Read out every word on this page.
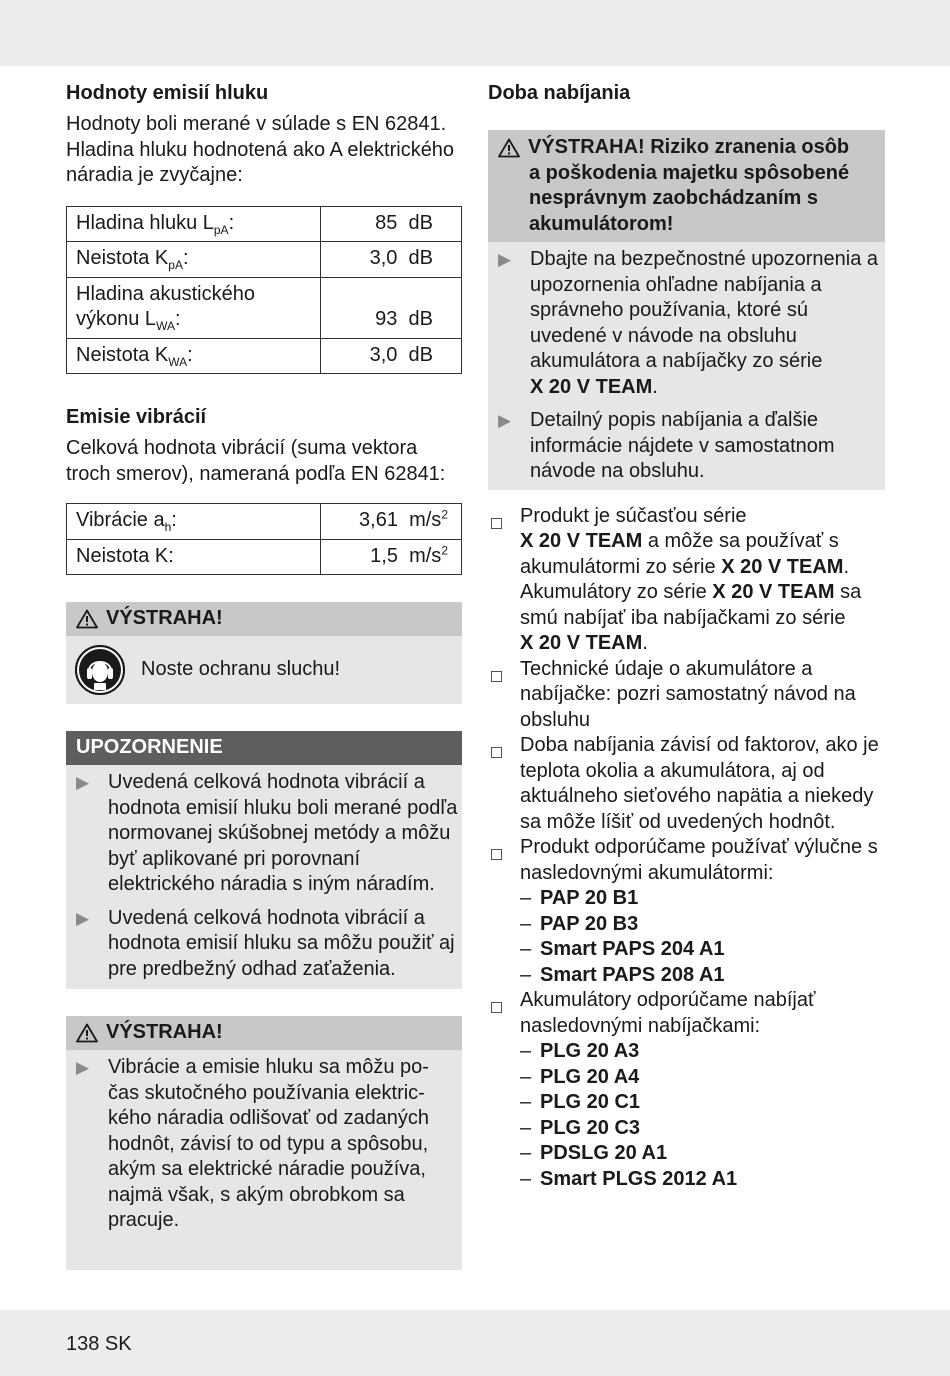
Hodnoty emisií hluku

Hodnoty boli merané v súlade s EN 62841. Hladina hluku hodnotená ako A elektrického náradia je zvyčajne:

Hladina hluku $L_{pA}$:	85 dB
Neistota $K_{pA}$:	3,0 dB
Hladina akustického
výkonu $L_{WA}$:	93 dB
Neistota $K_{WA}$:	3,0 dB
Emisie vibrácií

Celková hodnota vibrácií (suma vektora troch smerov), nameraná podľa EN 62841:

Vibrácie $a_h$:	3,61 $m/s^2$
Neistota K:	1,5 $m/s^2$
VÝSTRAHA!
Noste ochranu sluchu!
UPOZORNENIE
▶ Uvedená celková hodnota vibrácií a hodnota emisií hluku boli merané podľa normovanej skúšobnej metódy a môžu byť aplikované pri porovnaní elektrického náradia s iným náradím.
▶ Uvedená celková hodnota vibrácií a hodnota emisií hluku sa môžu použiť aj pre predbežný odhad zaťaženia.
VÝSTRAHA!
▶ Vibrácie a emisie hluku sa môžu po-čas skutočného používania elektric-kého náradia odlišovať od zadaných hodnôt, závisí to od typu a spôsobu, akým sa elektrické náradie používa, najmä však, s akým obrobkom sa pracuje.
Doba nabíjania
VÝSTRAHA! Riziko zranenia osôb
a poškodenia majetku spôsobené nesprávnym zaobchádzaním s akumulátorom!
▶ Dbajte na bezpečnostné upozornenia a upozornenia ohľadne nabíjania a správneho používania, ktoré sú uvedené v návode na obsluhu akumulátora a nabíjačky zo série
X 20 V TEAM.
▶ Detailný popis nabíjania a ďalšie informácie nájdete v samostatnom návode na obsluhu.
Produkt je súčasťou série
X 20 V TEAM a môže sa používať s akumulátormi zo série X 20 V TEAM. Akumulátory zo série X 20 V TEAM sa smú nabíjať iba nabíjačkami zo série
X 20 V TEAM.
Technické údaje o akumulátore a nabíjačke: pozri samostatný návod na obsluhu
Doba nabíjania závisí od faktorov, ako je teplota okolia a akumulátora, aj od aktuálneho sieťového napätia a niekedy sa môže líšiť od uvedených hodnôt.
Produkt odporúčame používať výlučne s nasledovnými akumulátormi:
– PAP 20 B1
– PAP 20 B3
– Smart PAPS 204 A1
– Smart PAPS 208 A1
Akumulátory odporúčame nabíjať nasledovnými nabíjačkami:
– PLG 20 A3
– PLG 20 A4
– PLG 20 C1
– PLG 20 C3
– PDSLG 20 A1
– Smart PLGS 2012 A1
138 SK
